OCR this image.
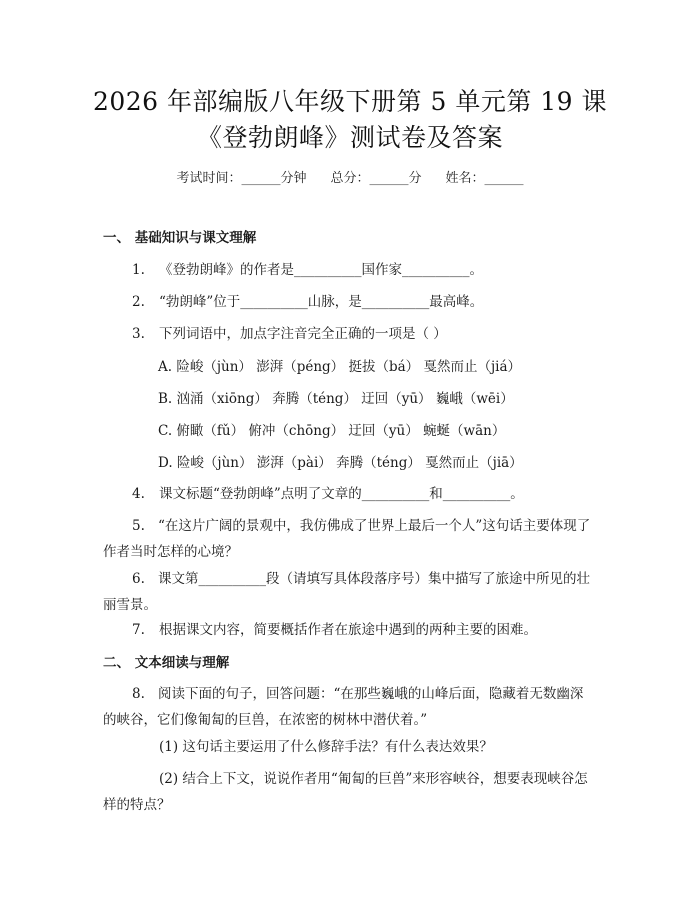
2026 年部编版八年级下册第 5 单元第 19 课
《登勃朗峰》测试卷及答案
考试时间：______分钟 总分：______分 姓名：______
一、 基础知识与课文理解
1. 《登勃朗峰》的作者是__________国作家__________。
2. “勃朗峰”位于__________山脉，是__________最高峰。
3. 下列词语中，加点字注音完全正确的一项是（ ）
A. 险峻（jùn） 澎湃（péng） 挺拔（bá） 戛然而止（jiá）
B. 汹涌（xiōng） 奔腾（téng） 迂回（yū） 巍峨（wēi）
C. 俯瞰（fǔ） 俯冲（chōng） 迂回（yū） 蜿蜒（wān）
D. 险峻（jùn） 澎湃（pài） 奔腾（téng） 戛然而止（jiā）
4. 课文标题“登勃朗峰”点明了文章的__________和__________。
5. “在这片广阔的景观中，我仿佛成了世界上最后一个人”这句话主要体现了作者当时怎样的心境？
6. 课文第__________段（请填写具体段落序号）集中描写了旅途中所见的壮丽雪景。
7. 根据课文内容，简要概括作者在旅途中遇到的两种主要的困难。
二、 文本细读与理解
8. 阅读下面的句子，回答问题：“在那些巍峨的山峰后面，隐藏着无数幽深的峡谷，它们像匍匐的巨兽，在浓密的树林中潜伏着。”
(1) 这句话主要运用了什么修辞手法？有什么表达效果？
(2) 结合上下文，说说作者用“匍匐的巨兽”来形容峡谷，想要表现峡谷怎样的特点？
